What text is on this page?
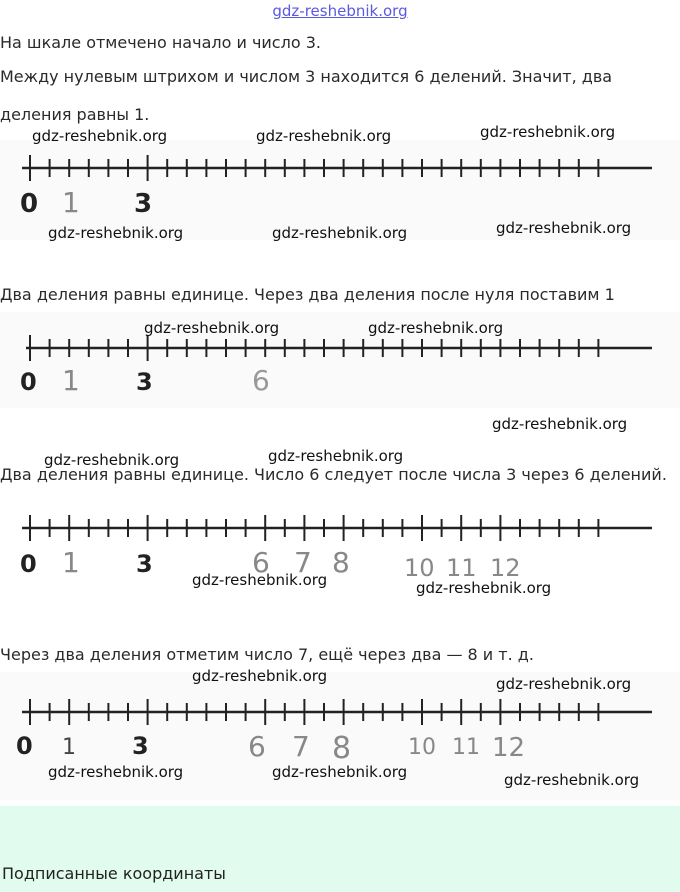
gdz-reshebnik.org
На шкале отмечено начало и число 3.
Между нулевым штрихом и числом 3 находится 6 делений. Значит, два деления равны 1.
0 1 3
Два деления равны единице. Через два деления после нуля поставим 1
0 1 3	6
Два деления равны единице. Число 6 следует после числа 3 через 6 делений.
0 1 3	6 7 8 10 11 12
Через два деления отметим число 7, ещё через два — 8 и т. д.
0 1 3	6 7 8	10 11 12
gdz-reshebnik.org	gdz-reshebnik.org	gdz-reshebnik.org
gdz-reshebnik.org	gdz-reshebnik.org	gdz-reshebnik.org
gdz-reshebnik.org	gdz-reshebnik.org
gdz-reshebnik.org
gdz-reshebnik.org	gdz-reshebnik.org
gdz-reshebnik.org	gdz-reshebnik.org
gdz-reshebnik.org	gdz-reshebnik.org
gdz-reshebnik.org	gdz-reshebnik.org	gdz-reshebnik.org
Подписанные координаты
